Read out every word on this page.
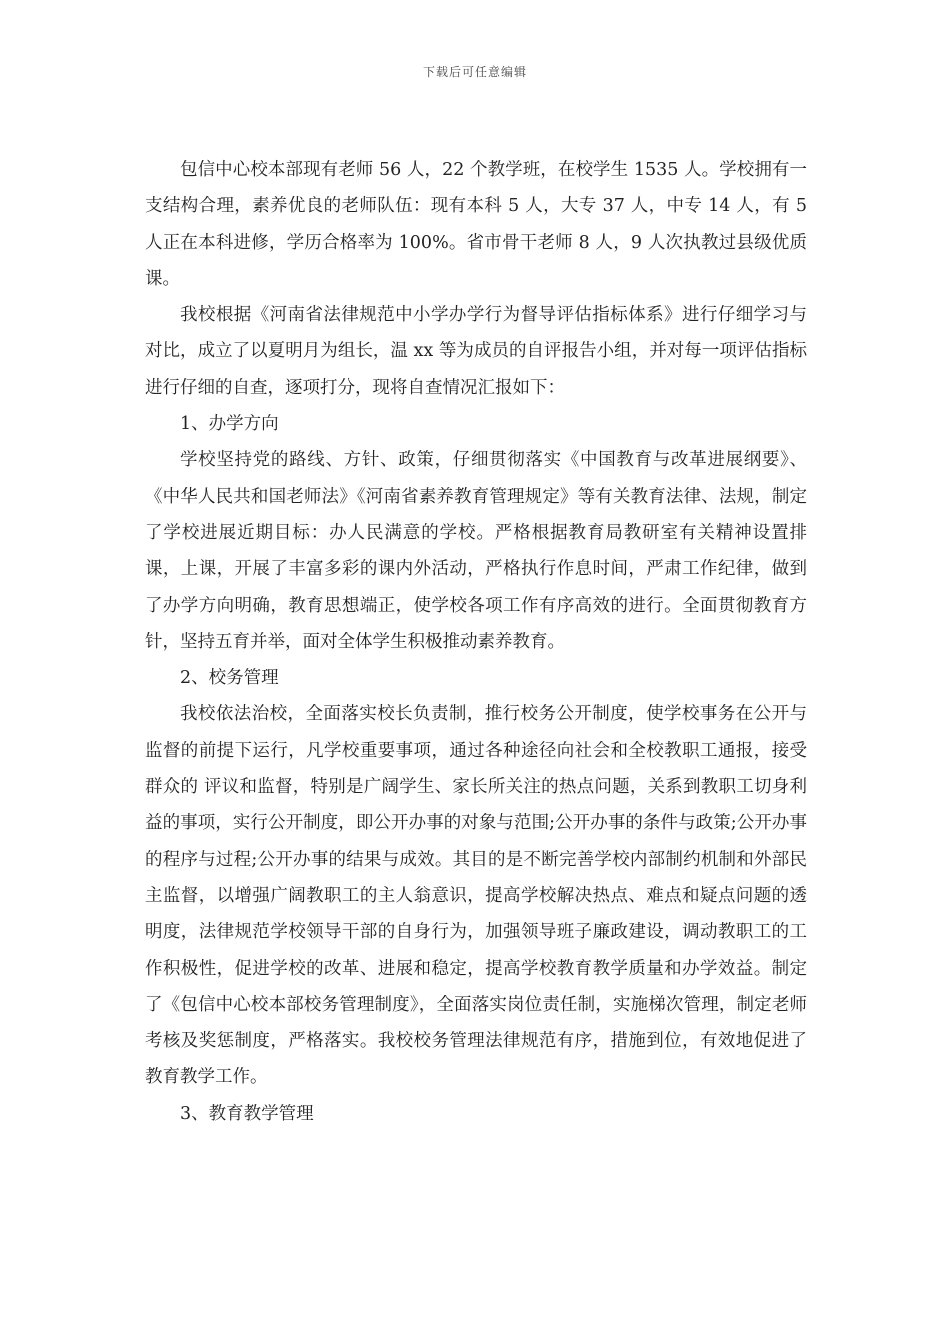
下载后可任意编辑

包信中心校本部现有老师 56 人，22 个教学班，在校学生 1535 人。学校拥有一支结构合理，素养优良的老师队伍：现有本科 5 人，大专 37 人，中专 14 人，有 5 人正在本科进修，学历合格率为 100%。省市骨干老师 8 人，9 人次执教过县级优质课。

我校根据《河南省法律规范中小学办学行为督导评估指标体系》进行仔细学习与对比，成立了以夏明月为组长，温 xx 等为成员的自评报告小组，并对每一项评估指标进行仔细的自查，逐项打分，现将自查情况汇报如下：

1、办学方向

学校坚持党的路线、方针、政策，仔细贯彻落实《中国教育与改革进展纲要》、《中华人民共和国老师法》《河南省素养教育管理规定》等有关教育法律、法规，制定了学校进展近期目标：办人民满意的学校。严格根据教育局教研室有关精神设置排课，上课，开展了丰富多彩的课内外活动，严格执行作息时间，严肃工作纪律，做到了办学方向明确，教育思想端正，使学校各项工作有序高效的进行。全面贯彻教育方针，坚持五育并举，面对全体学生积极推动素养教育。

2、校务管理

我校依法治校，全面落实校长负责制，推行校务公开制度，使学校事务在公开与监督的前提下运行，凡学校重要事项，通过各种途径向社会和全校教职工通报，接受群众的 评议和监督，特别是广阔学生、家长所关注的热点问题，关系到教职工切身利益的事项，实行公开制度，即公开办事的对象与范围;公开办事的条件与政策;公开办事的程序与过程;公开办事的结果与成效。其目的是不断完善学校内部制约机制和外部民主监督，以增强广阔教职工的主人翁意识，提高学校解决热点、难点和疑点问题的透明度，法律规范学校领导干部的自身行为，加强领导班子廉政建设，调动教职工的工作积极性，促进学校的改革、进展和稳定，提高学校教育教学质量和办学效益。制定了《包信中心校本部校务管理制度》，全面落实岗位责任制，实施梯次管理，制定老师考核及奖惩制度，严格落实。我校校务管理法律规范有序，措施到位，有效地促进了教育教学工作。

3、教育教学管理
